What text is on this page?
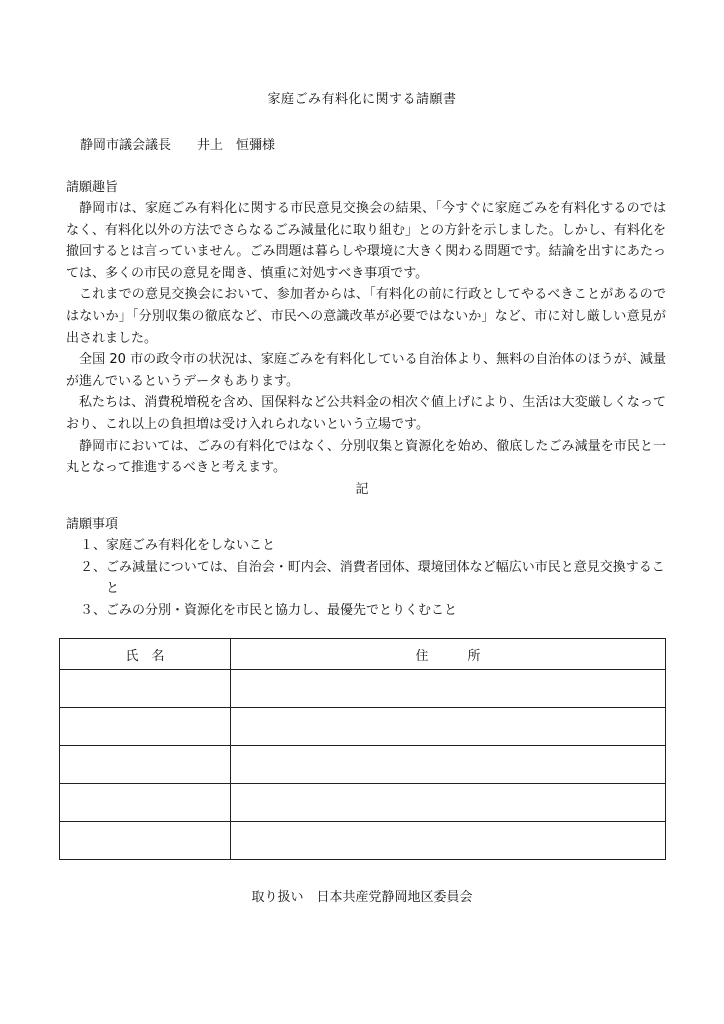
家庭ごみ有料化に関する請願書
静岡市議会議長　　井上　恒彌様
請願趣旨

静岡市は、家庭ごみ有料化に関する市民意見交換会の結果、「今すぐに家庭ごみを有料化するのではなく、有料化以外の方法でさらなるごみ減量化に取り組む」との方針を示しました。しかし、有料化を撤回するとは言っていません。ごみ問題は暮らしや環境に大きく関わる問題です。結論を出すにあたっては、多くの市民の意見を聞き、慎重に対処すべき事項です。

これまでの意見交換会において、参加者からは、「有料化の前に行政としてやるべきことがあるのではないか」「分別収集の徹底など、市民への意識改革が必要ではないか」など、市に対し厳しい意見が出されました。

全国 20 市の政令市の状況は、家庭ごみを有料化している自治体より、無料の自治体のほうが、減量が進んでいるというデータもあります。

私たちは、消費税増税を含め、国保料など公共料金の相次ぐ値上げにより、生活は大変厳しくなっており、これ以上の負担増は受け入れられないという立場です。

静岡市においては、ごみの有料化ではなく、分別収集と資源化を始め、徹底したごみ減量を市民と一丸となって推進するべきと考えます。

記
請願事項
１、 家庭ごみ有料化をしないこと
２、 ごみ減量については、自治会・町内会、消費者団体、環境団体など幅広い市民と意見交換すること
３、 ごみの分別・資源化を市民と協力し、最優先でとりくむこと
氏　名	住　　　所

取り扱い　日本共産党静岡地区委員会
